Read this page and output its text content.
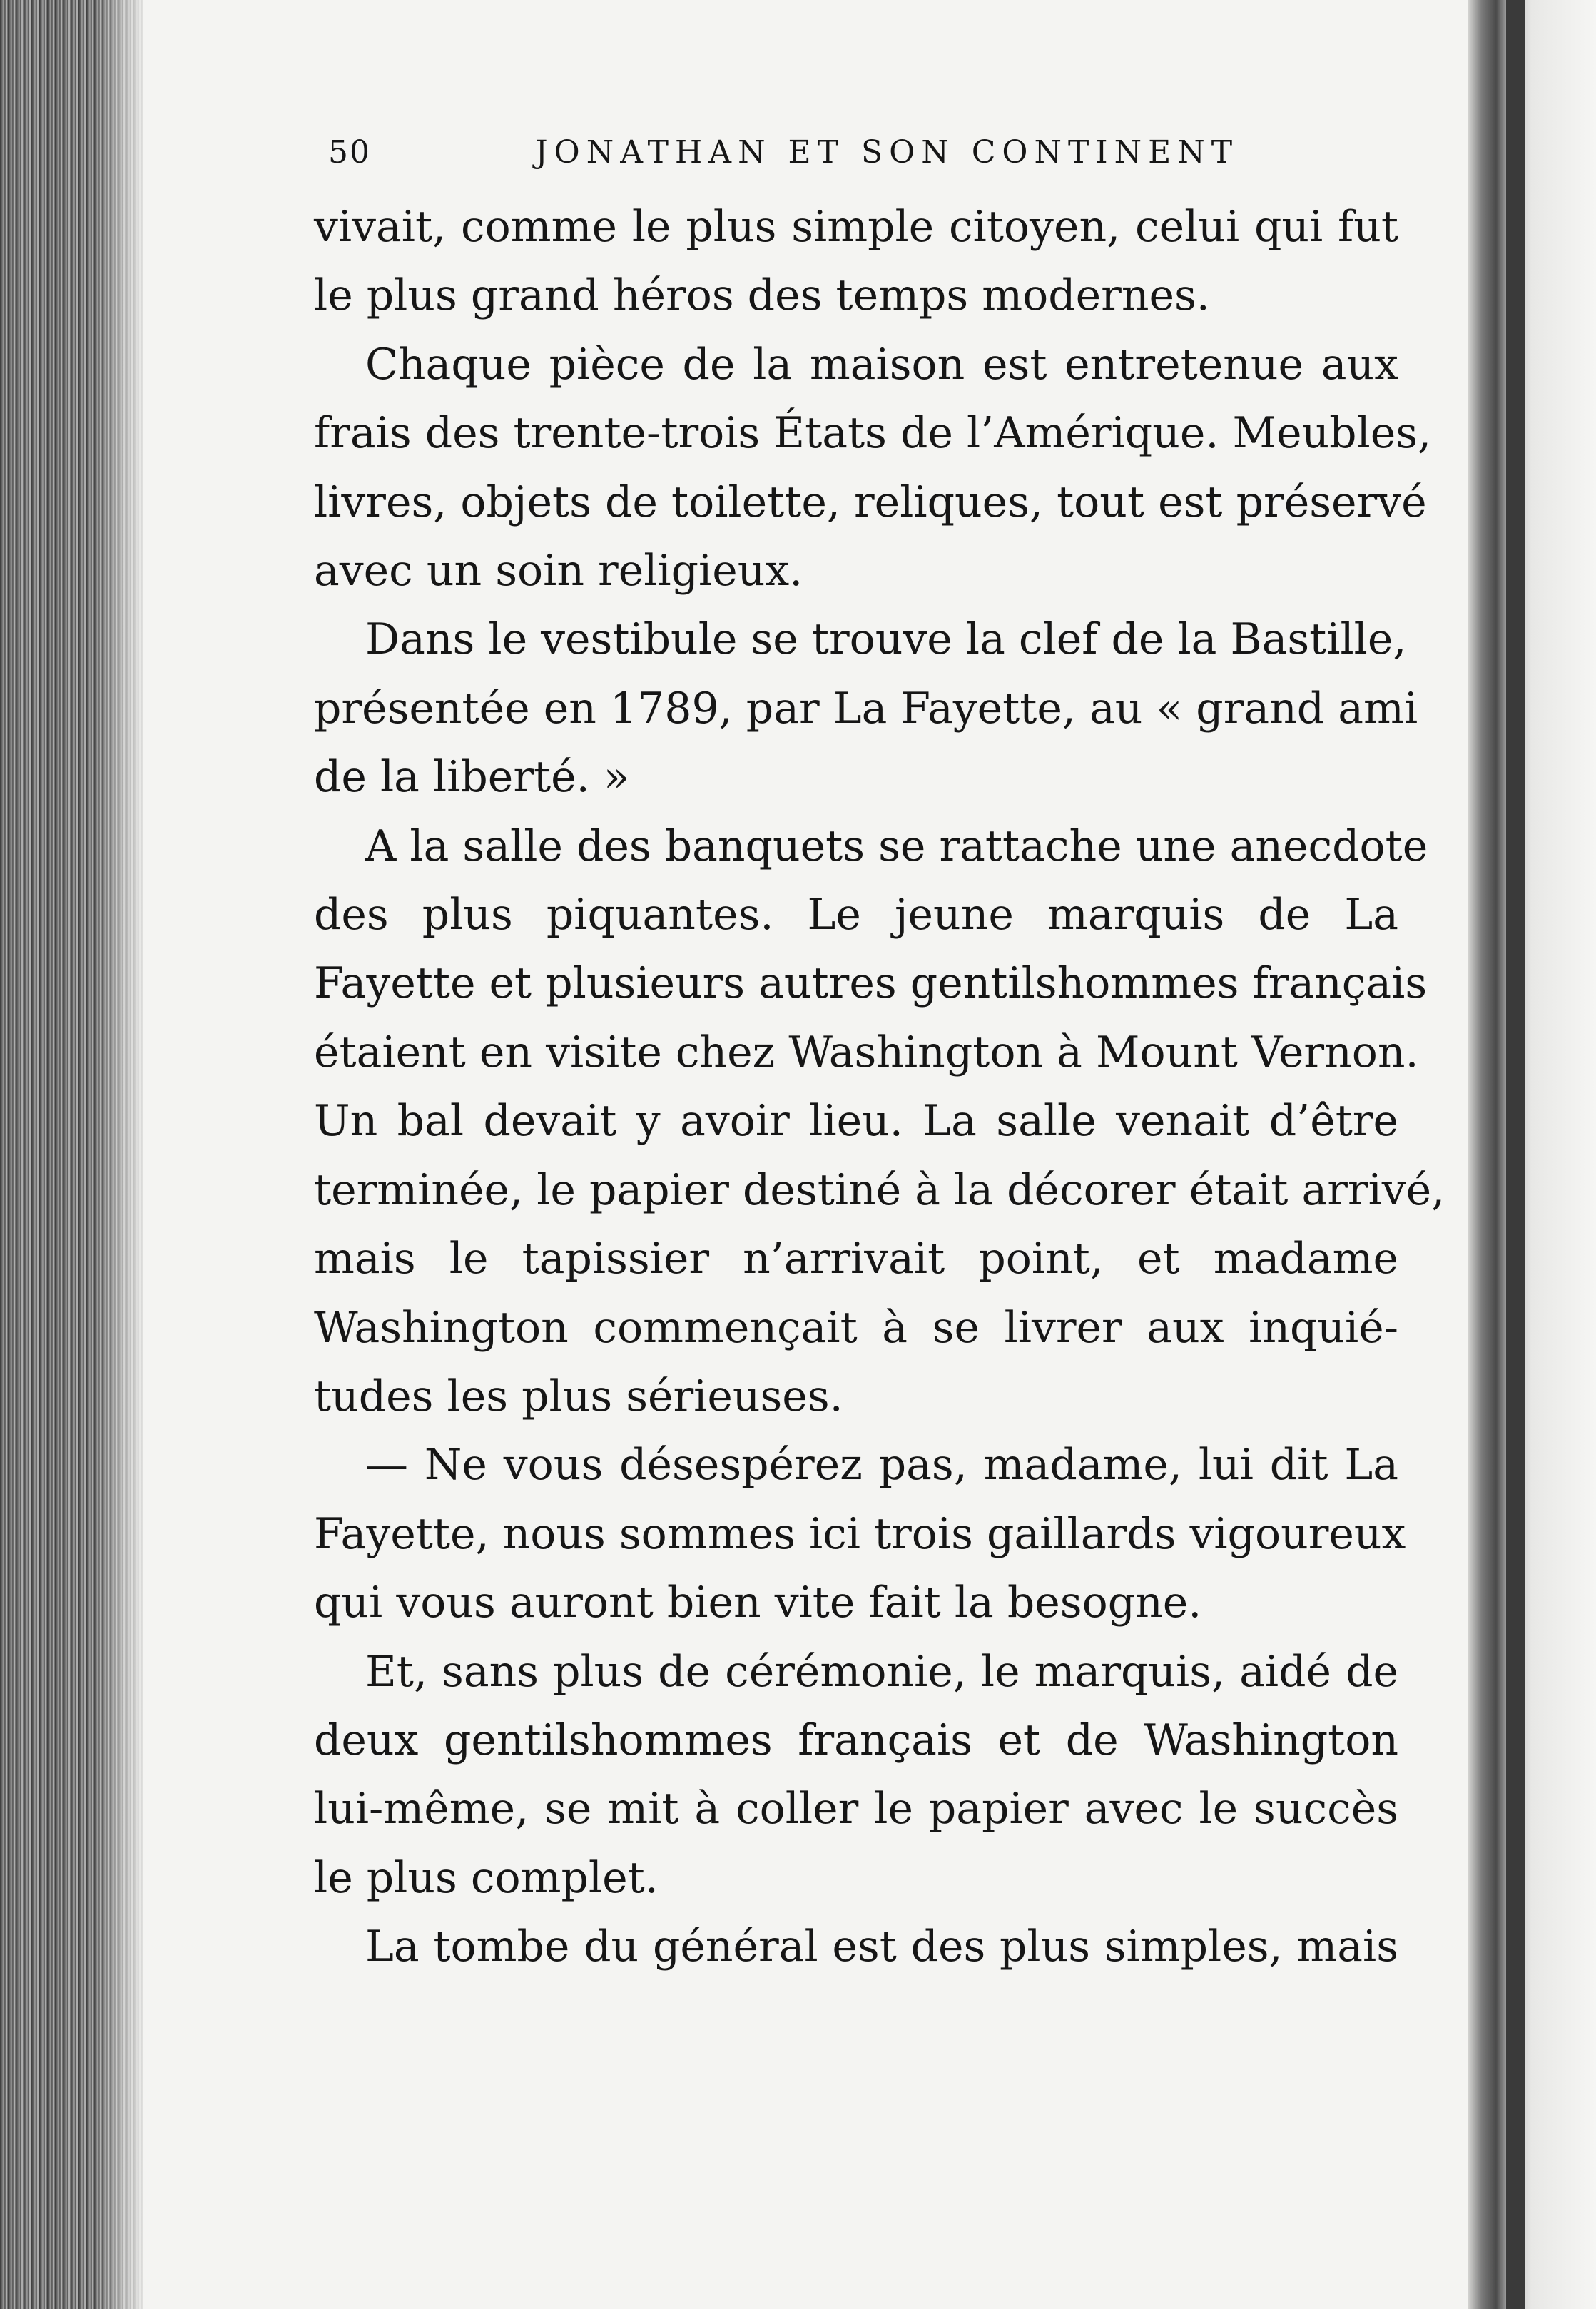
50	JONATHAN ET SON CONTINENT

vivait, comme le plus simple citoyen, celui qui fut
le plus grand héros des temps modernes.

Chaque pièce de la maison est entretenue aux
frais des trente-trois États de l’Amérique. Meubles,
livres, objets de toilette, reliques, tout est préservé
avec un soin religieux.

Dans le vestibule se trouve la clef de la Bastille,
présentée en 1789, par La Fayette, au « grand ami
de la liberté. »

A la salle des banquets se rattache une anecdote
des plus piquantes. Le jeune marquis de La
Fayette et plusieurs autres gentilshommes français
étaient en visite chez Washington à Mount Vernon.
Un bal devait y avoir lieu. La salle venait d’être
terminée, le papier destiné à la décorer était arrivé,
mais le tapissier n’arrivait point, et madame
Washington commençait à se livrer aux inquié-
tudes les plus sérieuses.

— Ne vous désespérez pas, madame, lui dit La
Fayette, nous sommes ici trois gaillards vigoureux
qui vous auront bien vite fait la besogne.

Et, sans plus de cérémonie, le marquis, aidé de
deux gentilshommes français et de Washington
lui-même, se mit à coller le papier avec le succès
le plus complet.

La tombe du général est des plus simples, mais
